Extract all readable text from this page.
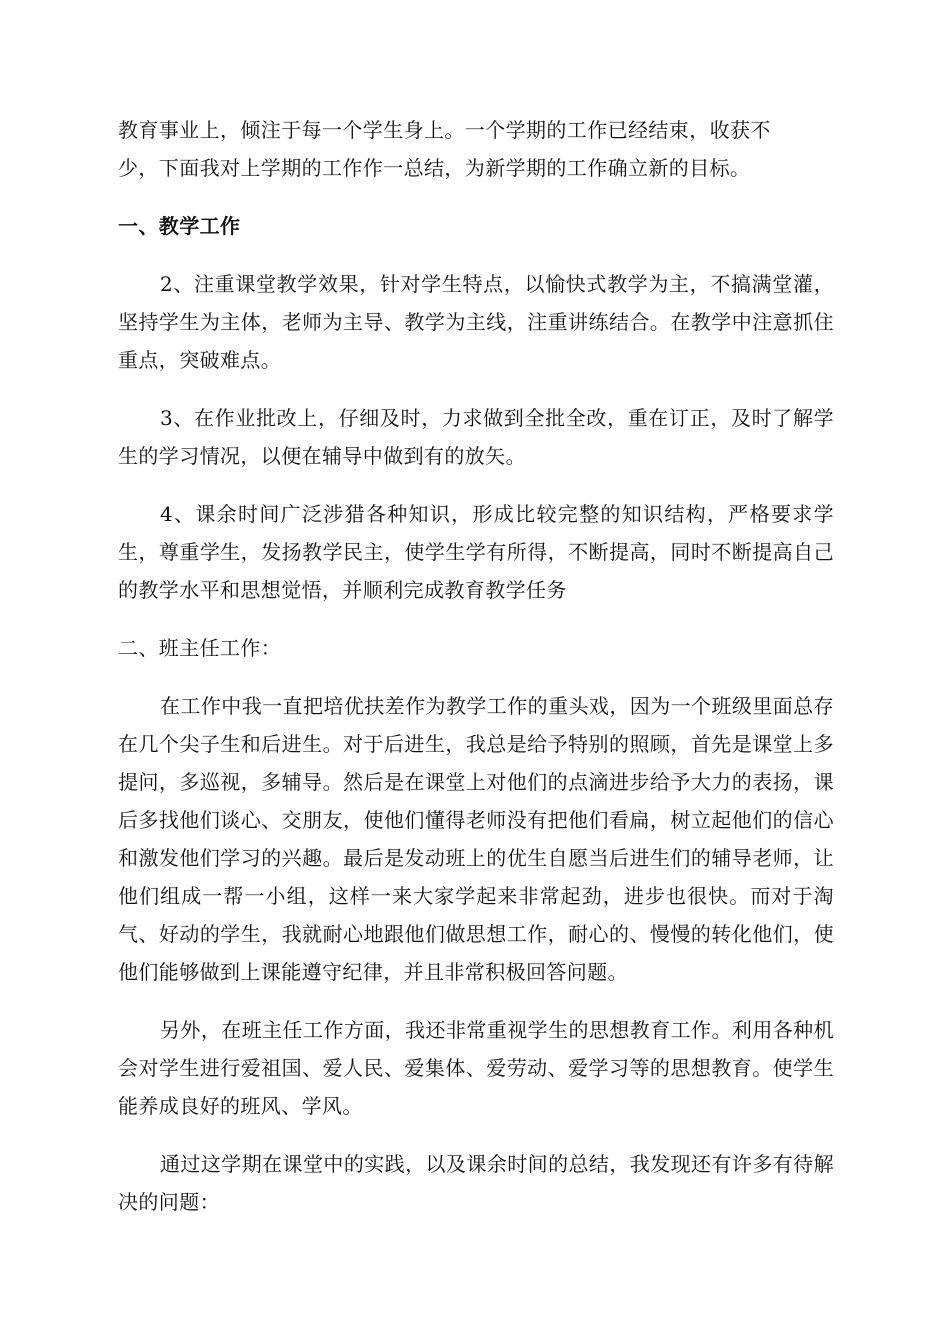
教育事业上，倾注于每一个学生身上。一个学期的工作已经结束，收获不
少，下面我对上学期的工作作一总结，为新学期的工作确立新的目标。

一、教学工作

2、注重课堂教学效果，针对学生特点，以愉快式教学为主，不搞满堂灌，坚持学生为主体，老师为主导、教学为主线，注重讲练结合。在教学中注意抓住重点，突破难点。

3、在作业批改上，仔细及时，力求做到全批全改，重在订正，及时了解学生的学习情况，以便在辅导中做到有的放矢。

4、课余时间广泛涉猎各种知识，形成比较完整的知识结构，严格要求学生，尊重学生，发扬教学民主，使学生学有所得，不断提高，同时不断提高自己的教学水平和思想觉悟，并顺利完成教育教学任务

二、班主任工作：

在工作中我一直把培优扶差作为教学工作的重头戏，因为一个班级里面总存在几个尖子生和后进生。对于后进生，我总是给予特别的照顾，首先是课堂上多提问，多巡视，多辅导。然后是在课堂上对他们的点滴进步给予大力的表扬，课后多找他们谈心、交朋友，使他们懂得老师没有把他们看扁，树立起他们的信心和激发他们学习的兴趣。最后是发动班上的优生自愿当后进生们的辅导老师，让他们组成一帮一小组，这样一来大家学起来非常起劲，进步也很快。而对于淘气、好动的学生，我就耐心地跟他们做思想工作，耐心的、慢慢的转化他们，使他们能够做到上课能遵守纪律，并且非常积极回答问题。

另外，在班主任工作方面，我还非常重视学生的思想教育工作。利用各种机会对学生进行爱祖国、爱人民、爱集体、爱劳动、爱学习等的思想教育。使学生能养成良好的班风、学风。

通过这学期在课堂中的实践，以及课余时间的总结，我发现还有许多有待解决的问题：
